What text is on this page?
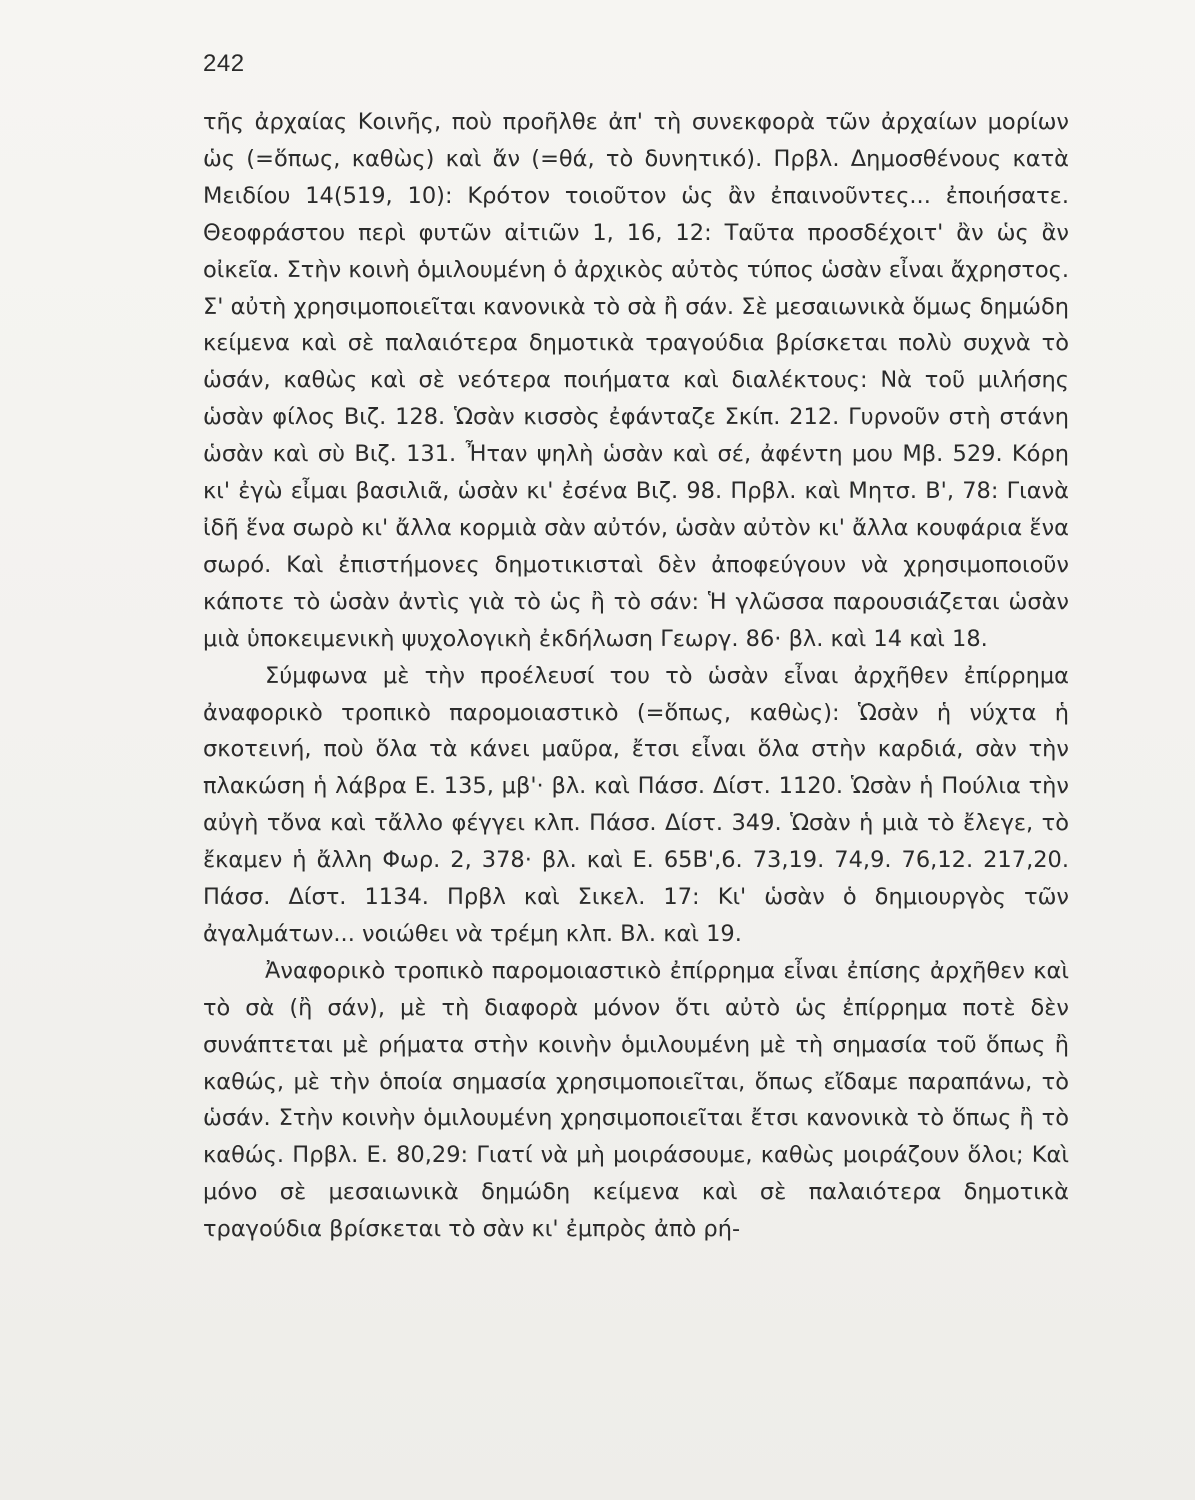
242

τῆς ἀρχαίας Κοινῆς, ποὺ προῆλθε ἀπ' τὴ συνεκφορὰ τῶν ἀρχαίων μορίων ὡς (=ὅπως, καθὼς) καὶ ἄν (=θά, τὸ δυνητικό). Πρβλ. Δημοσθένους κατὰ Μειδίου 14(519, 10): Κρότον τοιοῦτον ὡς ἂν ἐπαινοῦντες... ἐποιήσατε. Θεοφράστου περὶ φυτῶν αἰτιῶν 1, 16, 12: Ταῦτα προσδέχοιτ' ἂν ὡς ἂν οἰκεῖα. Στὴν κοινὴ ὁμιλουμένη ὁ ἀρχικὸς αὐτὸς τύπος ὡσὰν εἶναι ἄχρηστος. Σ' αὐτὴ χρησιμοποιεῖται κανονικὰ τὸ σὰ ἢ σάν. Σὲ μεσαιωνικὰ ὅμως δημώδη κείμενα καὶ σὲ παλαιότερα δημοτικὰ τραγούδια βρίσκεται πολὺ συχνὰ τὸ ὡσάν, καθὼς καὶ σὲ νεότερα ποιήματα καὶ διαλέκτους: Νὰ τοῦ μιλήσης ὡσὰν φίλος Βιζ. 128. Ὡσὰν κισσὸς ἐφάνταζε Σκίπ. 212. Γυρνοῦν στὴ στάνη ὡσὰν καὶ σὺ Βιζ. 131. Ἦταν ψηλὴ ὡσὰν καὶ σέ, ἀφέντη μου Μβ. 529. Κόρη κι' ἐγὼ εἶμαι βασιλιᾶ, ὡσὰν κι' ἐσένα Βιζ. 98. Πρβλ. καὶ Μητσ. Β', 78: Γιανὰ ἰδῆ ἕνα σωρὸ κι' ἄλλα κορμιὰ σὰν αὐτόν, ὡσὰν αὐτὸν κι' ἄλλα κουφάρια ἕνα σωρό. Καὶ ἐπιστήμονες δημοτικισταὶ δὲν ἀποφεύγουν νὰ χρησιμοποιοῦν κάποτε τὸ ὡσὰν ἀντὶς γιὰ τὸ ὡς ἢ τὸ σάν: Ἡ γλῶσσα παρουσιάζεται ὡσὰν μιὰ ὑποκειμενικὴ ψυχολογικὴ ἐκδήλωση Γεωργ. 86· βλ. καὶ 14 καὶ 18.

Σύμφωνα μὲ τὴν προέλευσί του τὸ ὡσὰν εἶναι ἀρχῆθεν ἐπίρρημα ἀναφορικὸ τροπικὸ παρομοιαστικὸ (=ὅπως, καθὼς): Ὡσὰν ἡ νύχτα ἡ σκοτεινή, ποὺ ὅλα τὰ κάνει μαῦρα, ἔτσι εἶναι ὅλα στὴν καρδιά, σὰν τὴν πλακώση ἡ λάβρα Ε. 135, μβ'· βλ. καὶ Πάσσ. Δίστ. 1120. Ὡσὰν ἡ Πούλια τὴν αὐγὴ τὄνα καὶ τἄλλο φέγγει κλπ. Πάσσ. Δίστ. 349. Ὡσὰν ἡ μιὰ τὸ ἔλεγε, τὸ ἔκαμεν ἡ ἄλλη Φωρ. 2, 378· βλ. καὶ Ε. 65Β',6. 73,19. 74,9. 76,12. 217,20. Πάσσ. Δίστ. 1134. Πρβλ καὶ Σικελ. 17: Κι' ὡσὰν ὁ δημιουργὸς τῶν ἀγαλμάτων... νοιώθει νὰ τρέμη κλπ. Βλ. καὶ 19.

Ἀναφορικὸ τροπικὸ παρομοιαστικὸ ἐπίρρημα εἶναι ἐπίσης ἀρχῆθεν καὶ τὸ σὰ (ἢ σάν), μὲ τὴ διαφορὰ μόνον ὅτι αὐτὸ ὡς ἐπίρρημα ποτὲ δὲν συνάπτεται μὲ ρήματα στὴν κοινὴν ὁμιλουμένη μὲ τὴ σημασία τοῦ ὅπως ἢ καθώς, μὲ τὴν ὁποία σημασία χρησιμοποιεῖται, ὅπως εἴδαμε παραπάνω, τὸ ὡσάν. Στὴν κοινὴν ὁμιλουμένη χρησιμοποιεῖται ἔτσι κανονικὰ τὸ ὅπως ἢ τὸ καθώς. Πρβλ. Ε. 80,29: Γιατί νὰ μὴ μοιράσουμε, καθὼς μοιράζουν ὅλοι; Καὶ μόνο σὲ μεσαιωνικὰ δημώδη κείμενα καὶ σὲ παλαιότερα δημοτικὰ τραγούδια βρίσκεται τὸ σὰν κι' ἐμπρὸς ἀπὸ ρή-
